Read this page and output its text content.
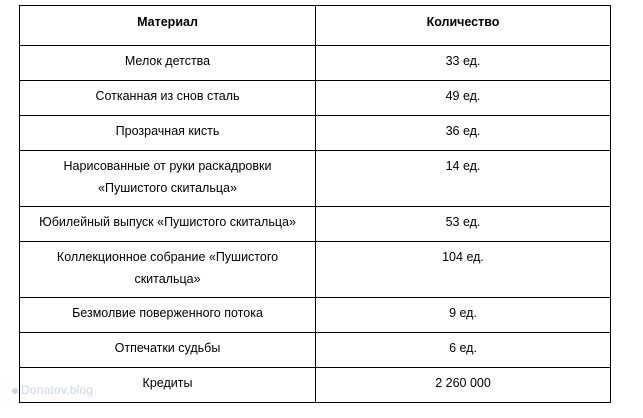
Материал	Количество
Мелок детства	33 ед.
Сотканная из снов сталь	49 ед.
Прозрачная кисть	36 ед.
Нарисованные от руки раскадровки
«Пушистого скитальца»	14 ед.
Юбилейный выпуск «Пушистого скитальца»	53 ед.
Коллекционное собрание «Пушистого
скитальца»	104 ед.
Безмолвие поверженного потока	9 ед.
Отпечатки судьбы	6 ед.
Кредиты	2 260 000
Donatov.blog
